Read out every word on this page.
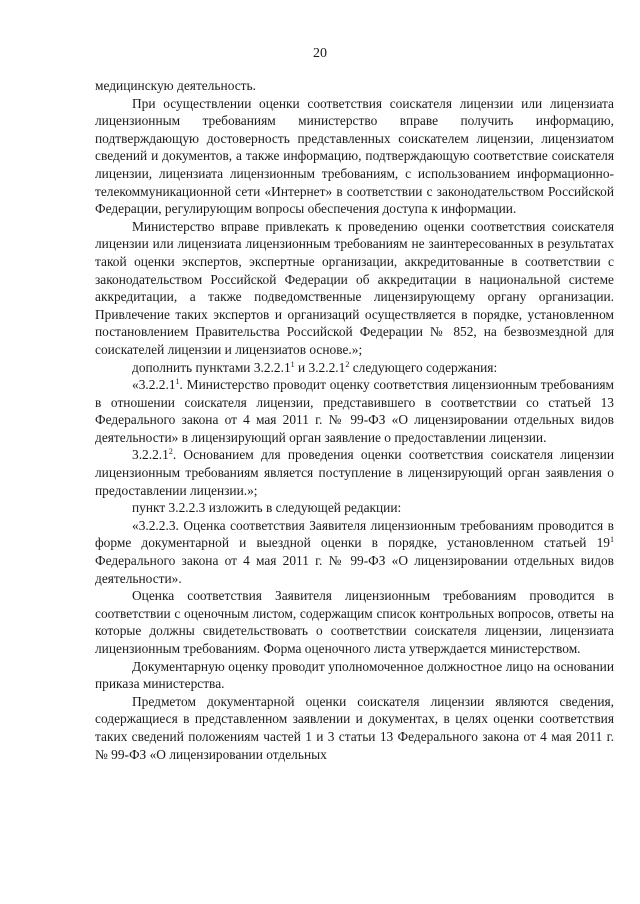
20

медицинскую деятельность.

При осуществлении оценки соответствия соискателя лицензии или лицензиата лицензионным требованиям министерство вправе получить информацию, подтверждающую достоверность представленных соискателем лицензии, лицензиатом сведений и документов, а также информацию, подтверждающую соответствие соискателя лицензии, лицензиата лицензионным требованиям, с использованием информационно-телекоммуникационной сети «Интернет» в соответствии с законодательством Российской Федерации, регулирующим вопросы обеспечения доступа к информации.

Министерство вправе привлекать к проведению оценки соответствия соискателя лицензии или лицензиата лицензионным требованиям не заинтересованных в результатах такой оценки экспертов, экспертные организации, аккредитованные в соответствии с законодательством Российской Федерации об аккредитации в национальной системе аккредитации, а также подведомственные лицензирующему органу организации. Привлечение таких экспертов и организаций осуществляется в порядке, установленном постановлением Правительства Российской Федерации № 852, на безвозмездной для соискателей лицензии и лицензиатов основе.»;

дополнить пунктами 3.2.2.1$^1$ и 3.2.2.1$^2$ следующего содержания:

«3.2.2.1$^1$. Министерство проводит оценку соответствия лицензионным требованиям в отношении соискателя лицензии, представившего в соответствии со статьей 13 Федерального закона от 4 мая 2011 г. № 99-ФЗ «О лицензировании отдельных видов деятельности» в лицензирующий орган заявление о предоставлении лицензии.

3.2.2.1$^2$. Основанием для проведения оценки соответствия соискателя лицензии лицензионным требованиям является поступление в лицензирующий орган заявления о предоставлении лицензии.»;

пункт 3.2.2.3 изложить в следующей редакции:

«3.2.2.3. Оценка соответствия Заявителя лицензионным требованиям проводится в форме документарной и выездной оценки в порядке, установленном статьей $19^1$ Федерального закона от 4 мая 2011 г. № 99-ФЗ «О лицензировании отдельных видов деятельности».

Оценка соответствия Заявителя лицензионным требованиям проводится в соответствии с оценочным листом, содержащим список контрольных вопросов, ответы на которые должны свидетельствовать о соответствии соискателя лицензии, лицензиата лицензионным требованиям. Форма оценочного листа утверждается министерством.

Документарную оценку проводит уполномоченное должностное лицо на основании приказа министерства.

Предметом документарной оценки соискателя лицензии являются сведения, содержащиеся в представленном заявлении и документах, в целях оценки соответствия таких сведений положениям частей 1 и 3 статьи 13 Федерального закона от 4 мая 2011 г. № 99-ФЗ «О лицензировании отдельных
